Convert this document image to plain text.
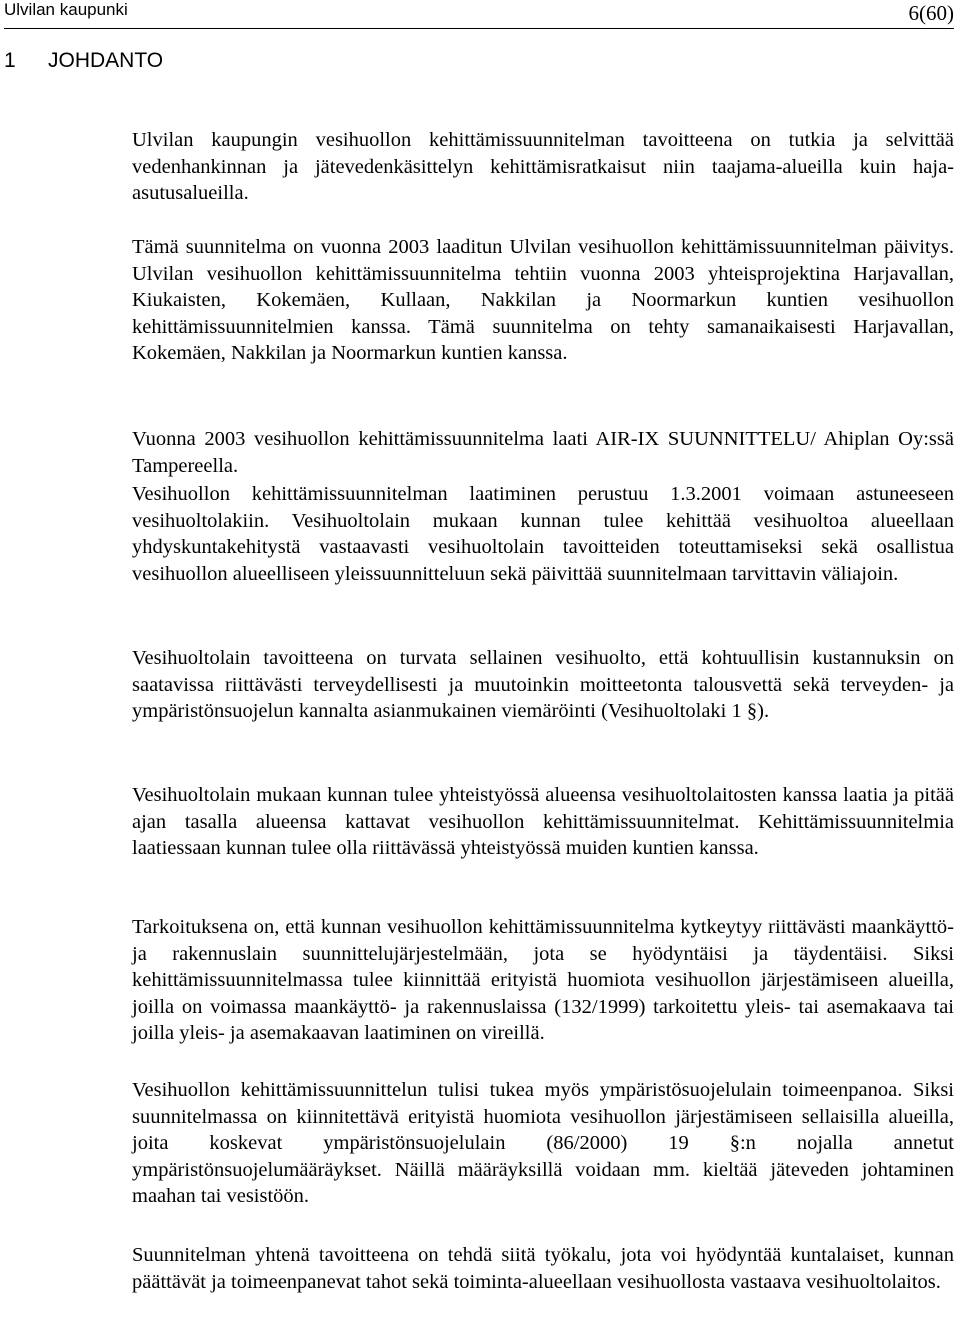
Ulvilan kaupunki	6(60)
1 JOHDANTO

Ulvilan kaupungin vesihuollon kehittämissuunnitelman tavoitteena on tutkia ja selvittää vedenhankinnan ja jätevedenkäsittelyn kehittämisratkaisut niin taajama-alueilla kuin haja-asutusalueilla.

Tämä suunnitelma on vuonna 2003 laaditun Ulvilan vesihuollon kehittämissuunnitelman päivitys. Ulvilan vesihuollon kehittämissuunnitelma tehtiin vuonna 2003 yhteisprojektina Harjavallan, Kiukaisten, Kokemäen, Kullaan, Nakkilan ja Noormarkun kuntien vesihuollon kehittämissuunnitelmien kanssa. Tämä suunnitelma on tehty samanaikaisesti Harjavallan, Kokemäen, Nakkilan ja Noormarkun kuntien kanssa.

Vuonna 2003 vesihuollon kehittämissuunnitelma laati AIR-IX SUUNNITTELU/ Ahiplan Oy:ssä Tampereella.

Vesihuollon kehittämissuunnitelman laatiminen perustuu 1.3.2001 voimaan astuneeseen vesihuoltolakiin. Vesihuoltolain mukaan kunnan tulee kehittää vesihuoltoa alueellaan yhdyskuntakehitystä vastaavasti vesihuoltolain tavoitteiden toteuttamiseksi sekä osallistua vesihuollon alueelliseen yleissuunnitteluun sekä päivittää suunnitelmaan tarvittavin väliajoin.

Vesihuoltolain tavoitteena on turvata sellainen vesihuolto, että kohtuullisin kustannuksin on saatavissa riittävästi terveydellisesti ja muutoinkin moitteetonta talousvettä sekä terveyden- ja ympäristönsuojelun kannalta asianmukainen viemäröinti (Vesihuoltolaki 1 §).

Vesihuoltolain mukaan kunnan tulee yhteistyössä alueensa vesihuoltolaitosten kanssa laatia ja pitää ajan tasalla alueensa kattavat vesihuollon kehittämissuunnitelmat. Kehittämissuunnitelmia laatiessaan kunnan tulee olla riittävässä yhteistyössä muiden kuntien kanssa.

Tarkoituksena on, että kunnan vesihuollon kehittämissuunnitelma kytkeytyy riittävästi maankäyttö- ja rakennuslain suunnittelujärjestelmään, jota se hyödyntäisi ja täydentäisi. Siksi kehittämissuunnitelmassa tulee kiinnittää erityistä huomiota vesihuollon järjestämiseen alueilla, joilla on voimassa maankäyttö- ja rakennuslaissa (132/1999) tarkoitettu yleis- tai asemakaava tai joilla yleis- ja asemakaavan laatiminen on vireillä.

Vesihuollon kehittämissuunnittelun tulisi tukea myös ympäristösuojelulain toimeenpanoa. Siksi suunnitelmassa on kiinnitettävä erityistä huomiota vesihuollon järjestämiseen sellaisilla alueilla, joita koskevat ympäristönsuojelulain (86/2000) 19 §:n nojalla annetut ympäristönsuojelumääräykset. Näillä määräyksillä voidaan mm. kieltää jäteveden johtaminen maahan tai vesistöön.

Suunnitelman yhtenä tavoitteena on tehdä siitä työkalu, jota voi hyödyntää kuntalaiset, kunnan päättävät ja toimeenpanevat tahot sekä toiminta-alueellaan vesihuollosta vastaava vesihuoltolaitos.
